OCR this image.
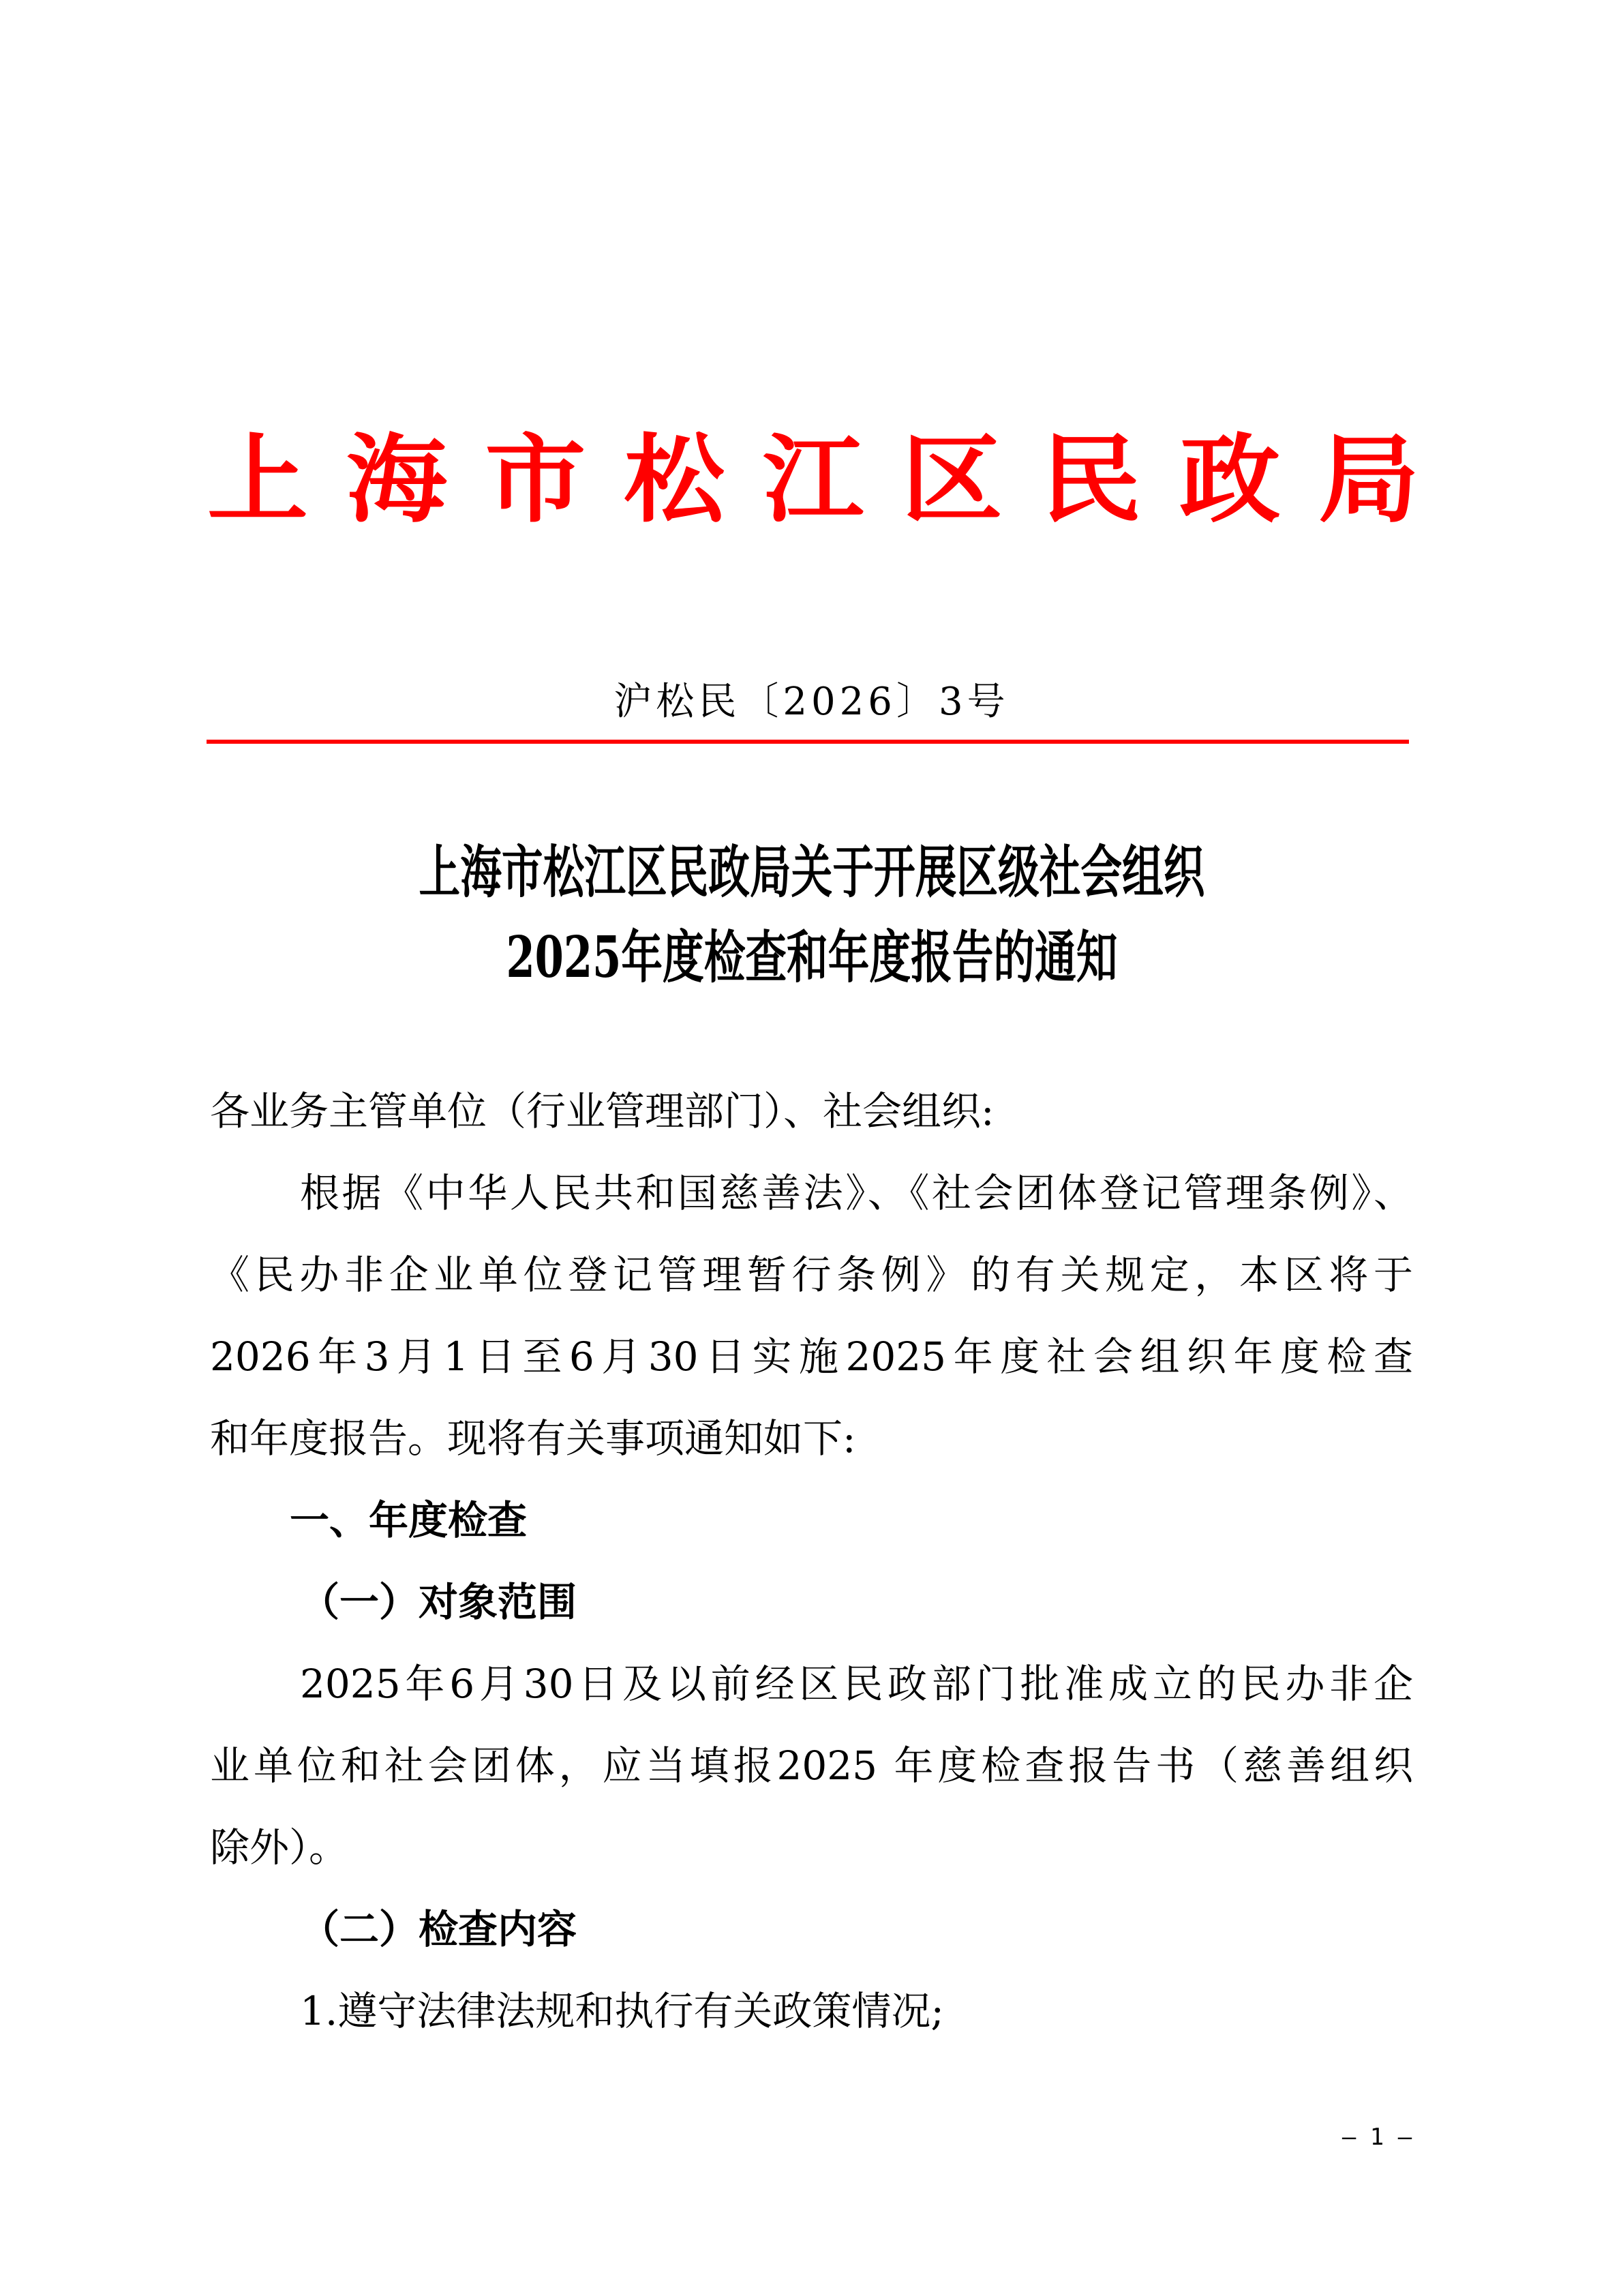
上 海 市 松 江 区 民 政 局
沪松民〔2026〕3号
上海市松江区民政局关于开展区级社会组织
2025年度检查和年度报告的通知
各业务主管单位（行业管理部门）、社会组织:
根据《中华人民共和国慈善法》、《社会团体登记管理条例》、
《民办非企业单位登记管理暂行条例》的有关规定，本区将于
2026年3月1日至6月30日实施2025年度社会组织年度检查
和年度报告。现将有关事项通知如下:
一、年度检查
（一）对象范围
2025年6月30日及以前经区民政部门批准成立的民办非企
业单位和社会团体，应当填报2025 年度检查报告书（慈善组织
除外）。
（二）检查内容
1.遵守法律法规和执行有关政策情况;
— 1 —
